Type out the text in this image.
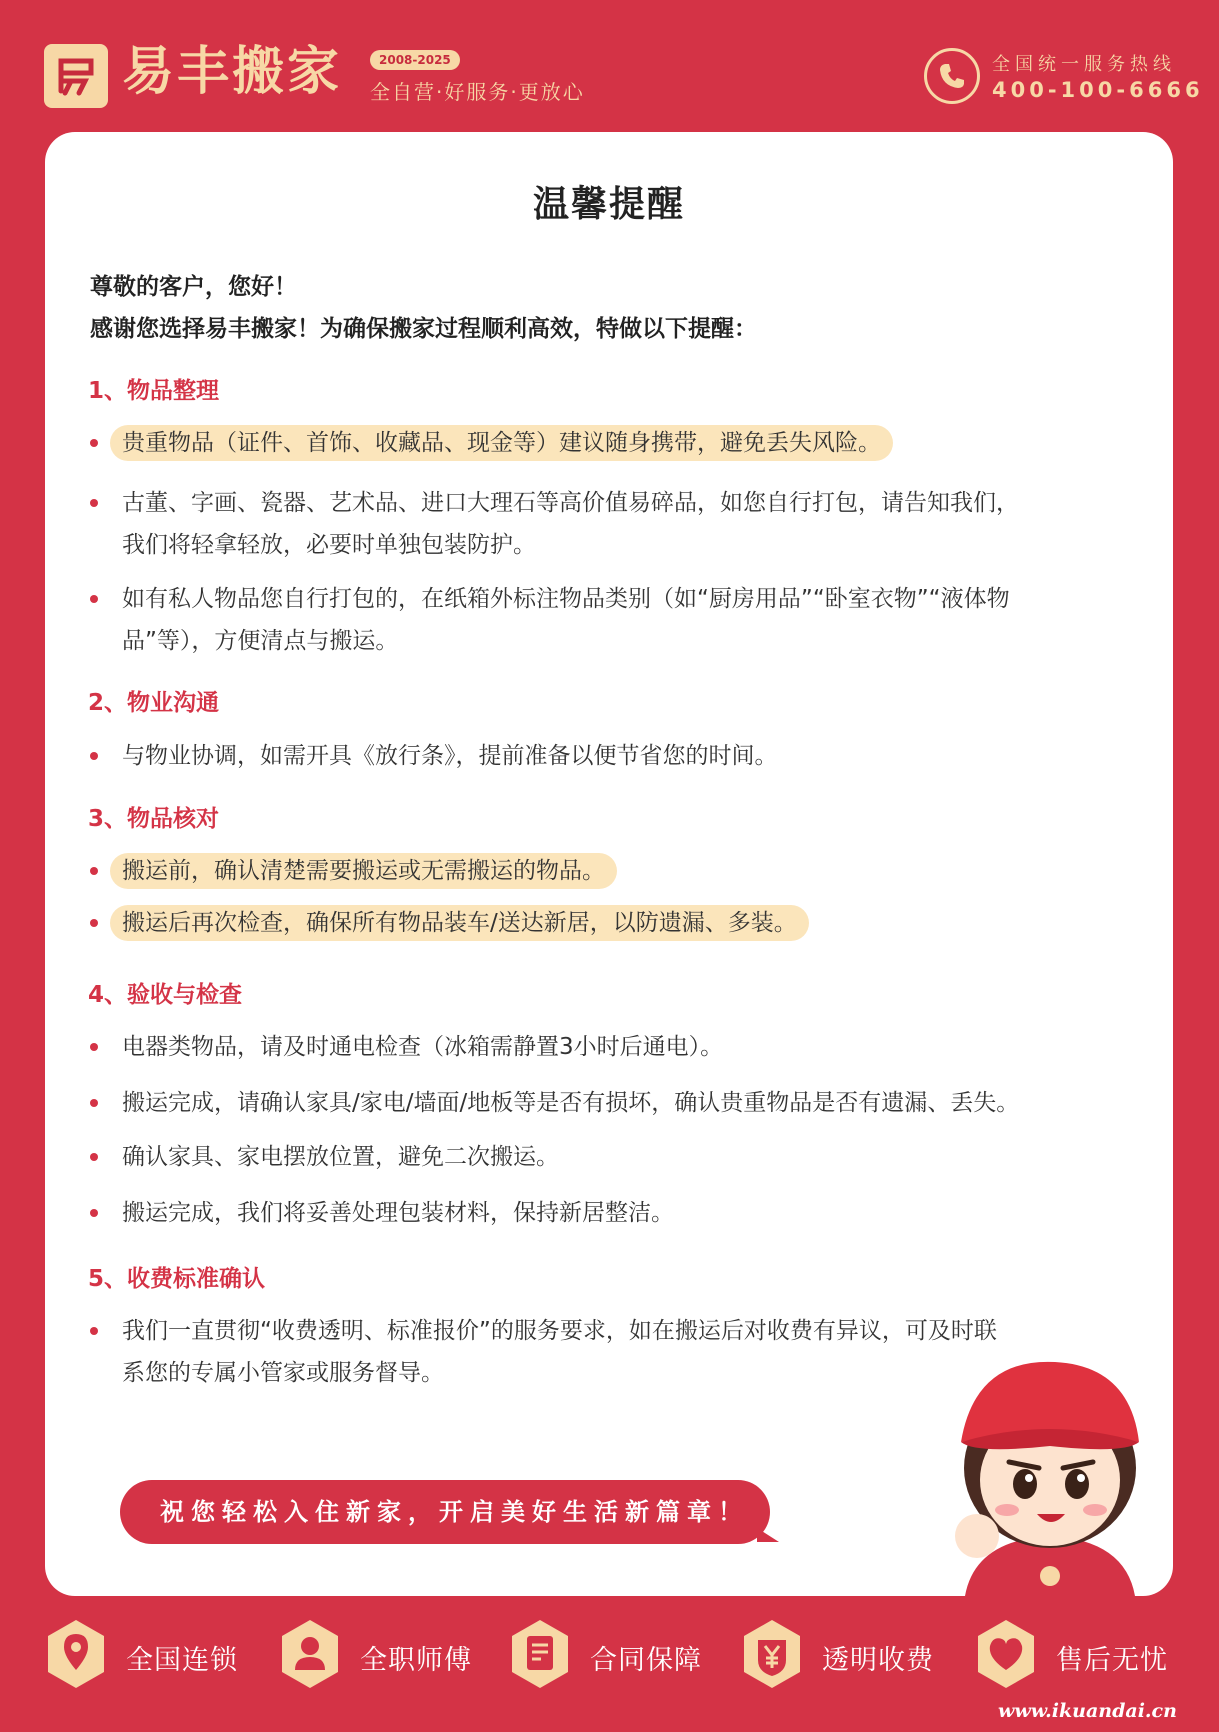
易丰搬家	2008-2025
全自营·好服务·更放心
全国统一服务热线
400-100-6666
温馨提醒
尊敬的客户，您好！
感谢您选择易丰搬家！为确保搬家过程顺利高效，特做以下提醒：
1、物品整理
贵重物品（证件、首饰、收藏品、现金等）建议随身携带，避免丢失风险。
古董、字画、瓷器、艺术品、进口大理石等高价值易碎品，如您自行打包，请告知我们，
我们将轻拿轻放，必要时单独包装防护。
如有私人物品您自行打包的，在纸箱外标注物品类别（如“厨房用品”“卧室衣物”“液体物
品”等），方便清点与搬运。
2、物业沟通
与物业协调，如需开具《放行条》，提前准备以便节省您的时间。
3、物品核对
搬运前，确认清楚需要搬运或无需搬运的物品。
搬运后再次检查，确保所有物品装车/送达新居，以防遗漏、多装。
4、验收与检查
电器类物品，请及时通电检查（冰箱需静置3小时后通电）。
搬运完成，请确认家具/家电/墙面/地板等是否有损坏，确认贵重物品是否有遗漏、丢失。
确认家具、家电摆放位置，避免二次搬运。
搬运完成，我们将妥善处理包装材料，保持新居整洁。
5、收费标准确认
我们一直贯彻“收费透明、标准报价”的服务要求，如在搬运后对收费有异议，可及时联
系您的专属小管家或服务督导。
祝您轻松入住新家，开启美好生活新篇章！
全国连锁	全职师傅	合同保障	透明收费	售后无忧
www.ikuandai.cn
